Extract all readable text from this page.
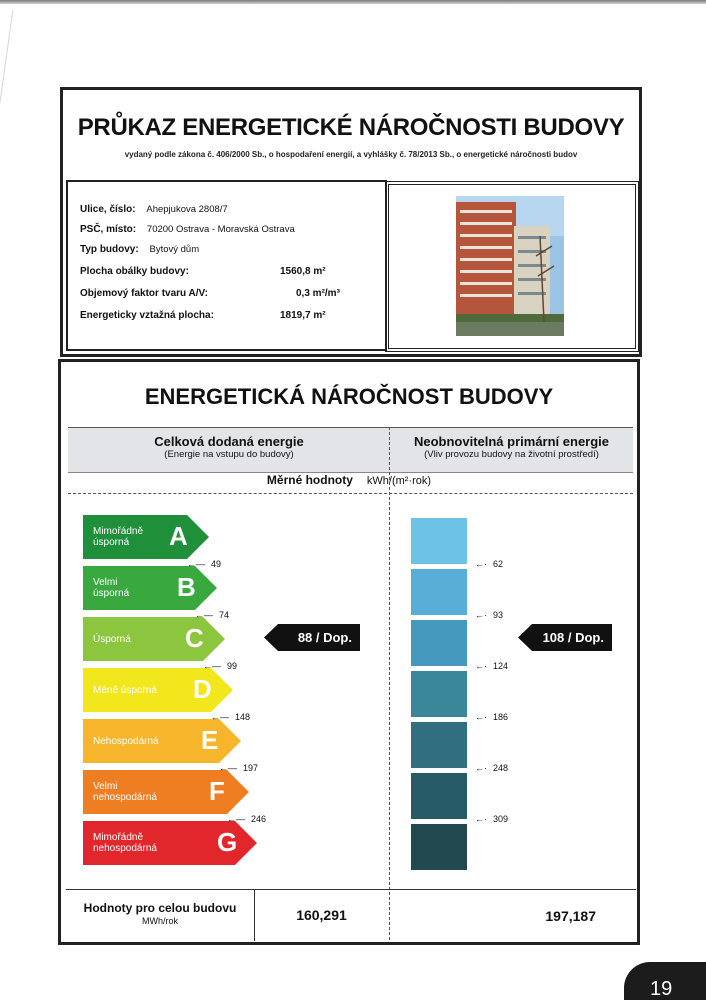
PRŮKAZ ENERGETICKÉ NÁROČNOSTI BUDOVY
vydaný podle zákona č. 406/2000 Sb., o hospodaření energií, a vyhlášky č. 78/2013 Sb., o energetické náročnosti budov
Ulice, číslo: Ahepjukova 2808/7
PSČ, místo: 70200 Ostrava - Moravská Ostrava
Typ budovy: Bytový dům
Plocha obálky budovy:	1560,8 m²
Objemový faktor tvaru A/V:	0,3 m²/m³
Energeticky vztažná plocha:	1819,7 m²
ENERGETICKÁ NÁROČNOST BUDOVY
Celková dodaná energie
(Energie na vstupu do budovy)
Neobnovitelná primární energie
(Vliv provozu budovy na životní prostředí)
Měrné hodnoty kWh/(m²·rok)
Mimořádně
úsporná	A
Velmi
úsporná B
Úsporná C
Méně úsporná D
Nehospodárná E
Velmi
nehospodárná F
Mimořádně
nehospodárná G
←— 49
←— 74
←— 99
←— 148
←— 197
←— 246
←· 62
←· 93
←· 124
←· 186
←· 248
←· 309
88 / Dop.	108 / Dop.
Hodnoty pro celou budovu
MWh/rok	160,291	197,187
19
